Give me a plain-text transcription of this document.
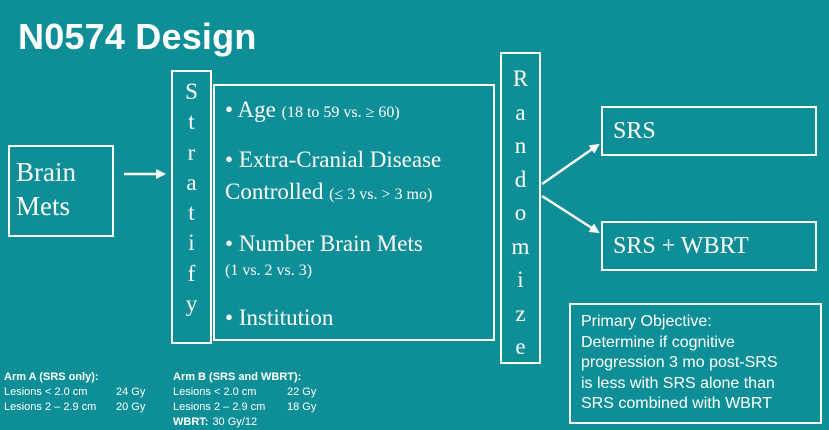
N0574 Design
Brain
Mets
S
t
r
a
t
i
f
y
• Age (18 to 59 vs. ≥ 60)
• Extra-Cranial Disease
Controlled (≤ 3 vs. > 3 mo)
• Number Brain Mets
(1 vs. 2 vs. 3)
• Institution
R
a
n
d
o
m
i
z
e
SRS
SRS + WBRT
Primary Objective:
Determine if cognitive
progression 3 mo post-SRS
is less with SRS alone than
SRS combined with WBRT
Arm A (SRS only):
Lesions < 2.0 cm	24 Gy
Lesions 2 – 2.9 cm	20 Gy
Arm B (SRS and WBRT):
Lesions < 2.0 cm	22 Gy
Lesions 2 – 2.9 cm	18 Gy
WBRT: 30 Gy/12
